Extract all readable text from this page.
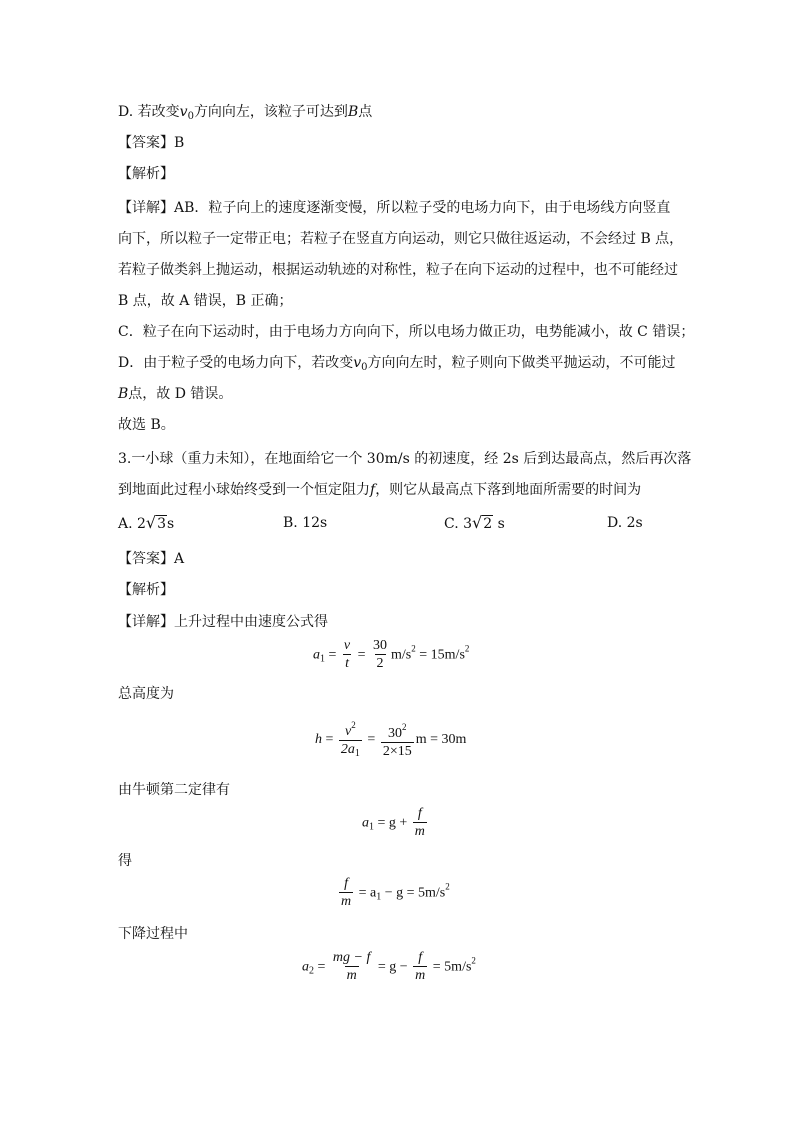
D. 若改变$v_0$方向向左，该粒子可达到B点
【答案】B
【解析】
【详解】AB．粒子向上的速度逐渐变慢，所以粒子受的电场力向下，由于电场线方向竖直
向下，所以粒子一定带正电；若粒子在竖直方向运动，则它只做往返运动，不会经过 B 点，
若粒子做类斜上抛运动，根据运动轨迹的对称性，粒子在向下运动的过程中，也不可能经过
B 点，故 A 错误，B 正确；
C．粒子在向下运动时，由于电场力方向向下，所以电场力做正功，电势能减小，故 C 错误；
D．由于粒子受的电场力向下，若改变$v_0$方向向左时，粒子则向下做类平抛运动，不可能过
B点，故 D 错误。
故选 B。
3.一小球（重力未知），在地面给它一个 30m/s 的初速度，经 2s 后到达最高点，然后再次落
到地面此过程小球始终受到一个恒定阻力f，则它从最高点下落到地面所需要的时间为
A. 2√3s	B. 12s	C. 3√2 s	D. 2s
【答案】A
【解析】
【详解】上升过程中由速度公式得
$a_1 = \frac{v}{t} = \frac{30}{2} m/s^2 = 15m/s^2$
总高度为
$h = \frac{v^2}{2a_1} = \frac{30^2}{2\times 15}$ m = 30m
由牛顿第二定律有
$a_1 = g + \frac{f}{m}$
得
$\frac{f}{m} = a_1 - g = 5m/s^2$
下降过程中
$a_2 = \frac{mg - f}{m} = g - \frac{f}{m} = 5m/s^2$
